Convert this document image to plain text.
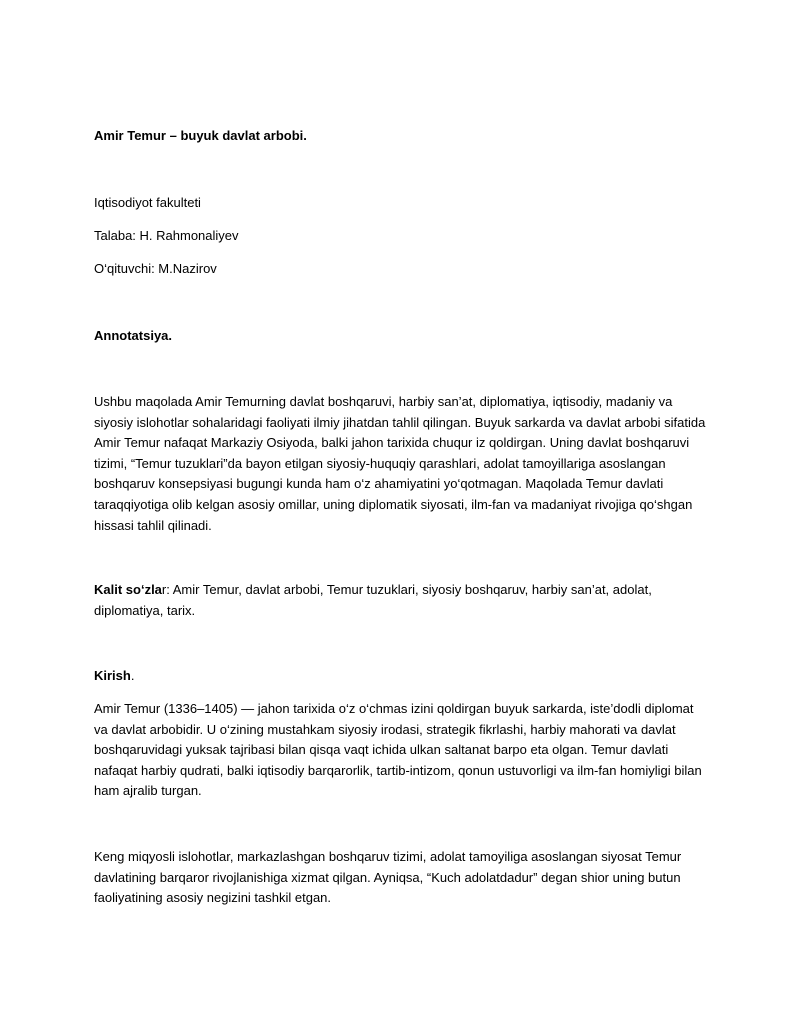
Amir Temur – buyuk davlat arbobi.

Iqtisodiyot fakulteti

Talaba: H. Rahmonaliyev

O‘qituvchi: M.Nazirov

Annotatsiya.

Ushbu maqolada Amir Temurning davlat boshqaruvi, harbiy san’at, diplomatiya, iqtisodiy, madaniy va siyosiy islohotlar sohalaridagi faoliyati ilmiy jihatdan tahlil qilingan. Buyuk sarkarda va davlat arbobi sifatida Amir Temur nafaqat Markaziy Osiyoda, balki jahon tarixida chuqur iz qoldirgan. Uning davlat boshqaruvi tizimi, “Temur tuzuklari”da bayon etilgan siyosiy-huquqiy qarashlari, adolat tamoyillariga asoslangan boshqaruv konsepsiyasi bugungi kunda ham o‘z ahamiyatini yo‘qotmagan. Maqolada Temur davlati taraqqiyotiga olib kelgan asosiy omillar, uning diplomatik siyosati, ilm-fan va madaniyat rivojiga qo‘shgan hissasi tahlil qilinadi.

Kalit so‘zlar: Amir Temur, davlat arbobi, Temur tuzuklari, siyosiy boshqaruv, harbiy san’at, adolat, diplomatiya, tarix.

Kirish.

Amir Temur (1336–1405) — jahon tarixida o‘z o‘chmas izini qoldirgan buyuk sarkarda, iste’dodli diplomat va davlat arbobidir. U o‘zining mustahkam siyosiy irodasi, strategik fikrlashi, harbiy mahorati va davlat boshqaruvidagi yuksak tajribasi bilan qisqa vaqt ichida ulkan saltanat barpo eta olgan. Temur davlati nafaqat harbiy qudrati, balki iqtisodiy barqarorlik, tartib-intizom, qonun ustuvorligi va ilm-fan homiyligi bilan ham ajralib turgan.

Keng miqyosli islohotlar, markazlashgan boshqaruv tizimi, adolat tamoyiliga asoslangan siyosat Temur davlatining barqaror rivojlanishiga xizmat qilgan. Ayniqsa, “Kuch adolatdadur” degan shior uning butun faoliyatining asosiy negizini tashkil etgan.
